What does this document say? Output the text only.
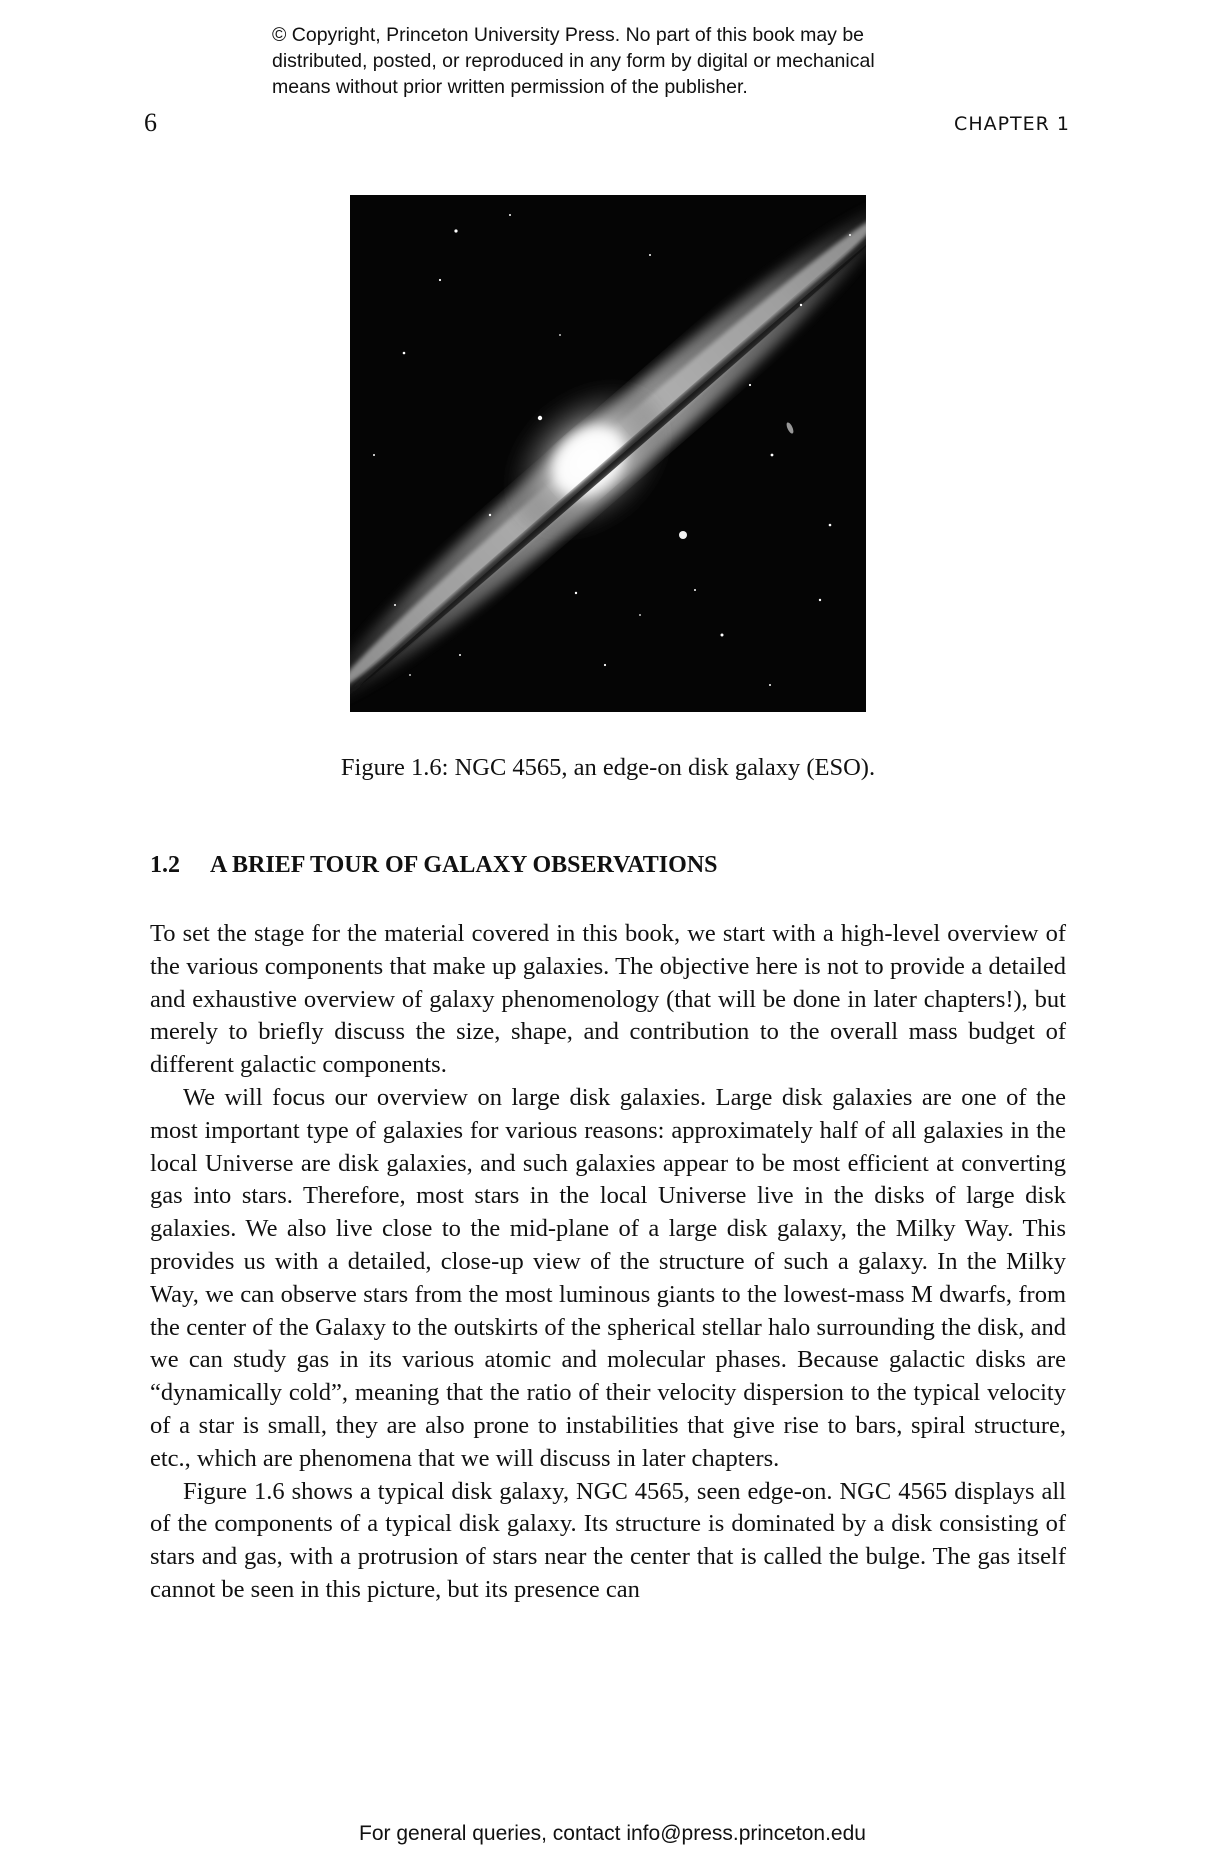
© Copyright, Princeton University Press. No part of this book may be
distributed, posted, or reproduced in any form by digital or mechanical
means without prior written permission of the publisher.
6	CHAPTER 1
Figure 1.6: NGC 4565, an edge-on disk galaxy (ESO).
1.2 A BRIEF TOUR OF GALAXY OBSERVATIONS

To set the stage for the material covered in this book, we start with a high-level overview of the various components that make up galaxies. The objective here is not to provide a detailed and exhaustive overview of galaxy phenomenology (that will be done in later chapters!), but merely to briefly discuss the size, shape, and contribution to the overall mass budget of different galactic components.

We will focus our overview on large disk galaxies. Large disk galaxies are one of the most important type of galaxies for various reasons: approximately half of all galaxies in the local Universe are disk galaxies, and such galaxies appear to be most efficient at converting gas into stars. Therefore, most stars in the local Universe live in the disks of large disk galaxies. We also live close to the mid-plane of a large disk galaxy, the Milky Way. This provides us with a detailed, close-up view of the structure of such a galaxy. In the Milky Way, we can observe stars from the most luminous giants to the lowest-mass M dwarfs, from the center of the Galaxy to the outskirts of the spherical stellar halo surrounding the disk, and we can study gas in its various atomic and molecular phases. Because galactic disks are “dynamically cold”, meaning that the ratio of their velocity dispersion to the typical velocity of a star is small, they are also prone to instabilities that give rise to bars, spiral structure, etc., which are phenomena that we will discuss in later chapters.

Figure 1.6 shows a typical disk galaxy, NGC 4565, seen edge-on. NGC 4565 displays all of the components of a typical disk galaxy. Its structure is dominated by a disk consisting of stars and gas, with a protrusion of stars near the center that is called the bulge. The gas itself cannot be seen in this picture, but its presence can

For general queries, contact info@press.princeton.edu
